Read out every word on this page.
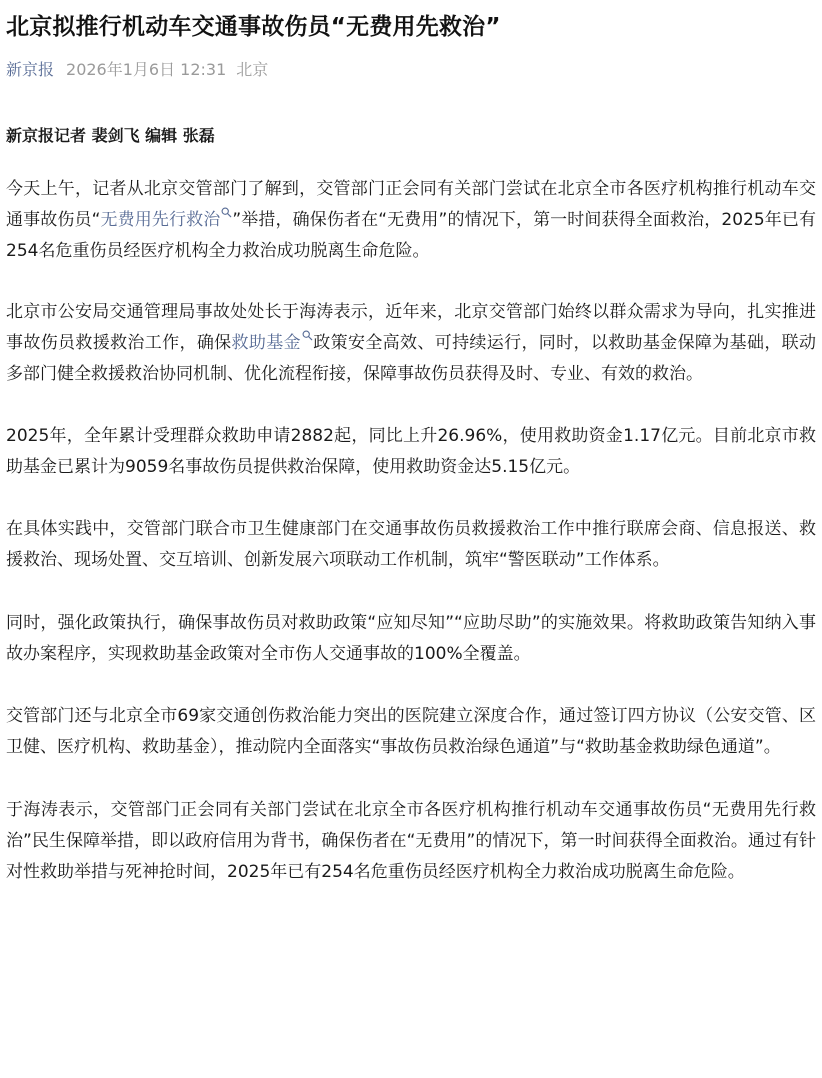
北京拟推行机动车交通事故伤员“无费用先救治”
新京报 2026年1月6日 12:31 北京
新京报记者 裴剑飞 编辑 张磊

今天上午，记者从北京交管部门了解到，交管部门正会同有关部门尝试在北京全市各医疗机构推行机动车交通事故伤员“无费用先行救治 ”举措，确保伤者在“无费用”的情况下，第一时间获得全面救治，2025年已有254名危重伤员经医疗机构全力救治成功脱离生命危险。

北京市公安局交通管理局事故处处长于海涛表示，近年来，北京交管部门始终以群众需求为导向，扎实推进事故伤员救援救治工作，确保救助基金 政策安全高效、可持续运行，同时，以救助基金保障为基础，联动多部门健全救援救治协同机制、优化流程衔接，保障事故伤员获得及时、专业、有效的救治。

2025年，全年累计受理群众救助申请2882起，同比上升26.96%，使用救助资金1.17亿元。目前北京市救助基金已累计为9059名事故伤员提供救治保障，使用救助资金达5.15亿元。

在具体实践中，交管部门联合市卫生健康部门在交通事故伤员救援救治工作中推行联席会商、信息报送、救援救治、现场处置、交互培训、创新发展六项联动工作机制，筑牢“警医联动”工作体系。

同时，强化政策执行，确保事故伤员对救助政策“应知尽知”“应助尽助”的实施效果。将救助政策告知纳入事故办案程序，实现救助基金政策对全市伤人交通事故的100%全覆盖。

交管部门还与北京全市69家交通创伤救治能力突出的医院建立深度合作，通过签订四方协议（公安交管、区卫健、医疗机构、救助基金），推动院内全面落实“事故伤员救治绿色通道”与“救助基金救助绿色通道”。

于海涛表示，交管部门正会同有关部门尝试在北京全市各医疗机构推行机动车交通事故伤员“无费用先行救治”民生保障举措，即以政府信用为背书，确保伤者在“无费用”的情况下，第一时间获得全面救治。通过有针对性救助举措与死神抢时间，2025年已有254名危重伤员经医疗机构全力救治成功脱离生命危险。
